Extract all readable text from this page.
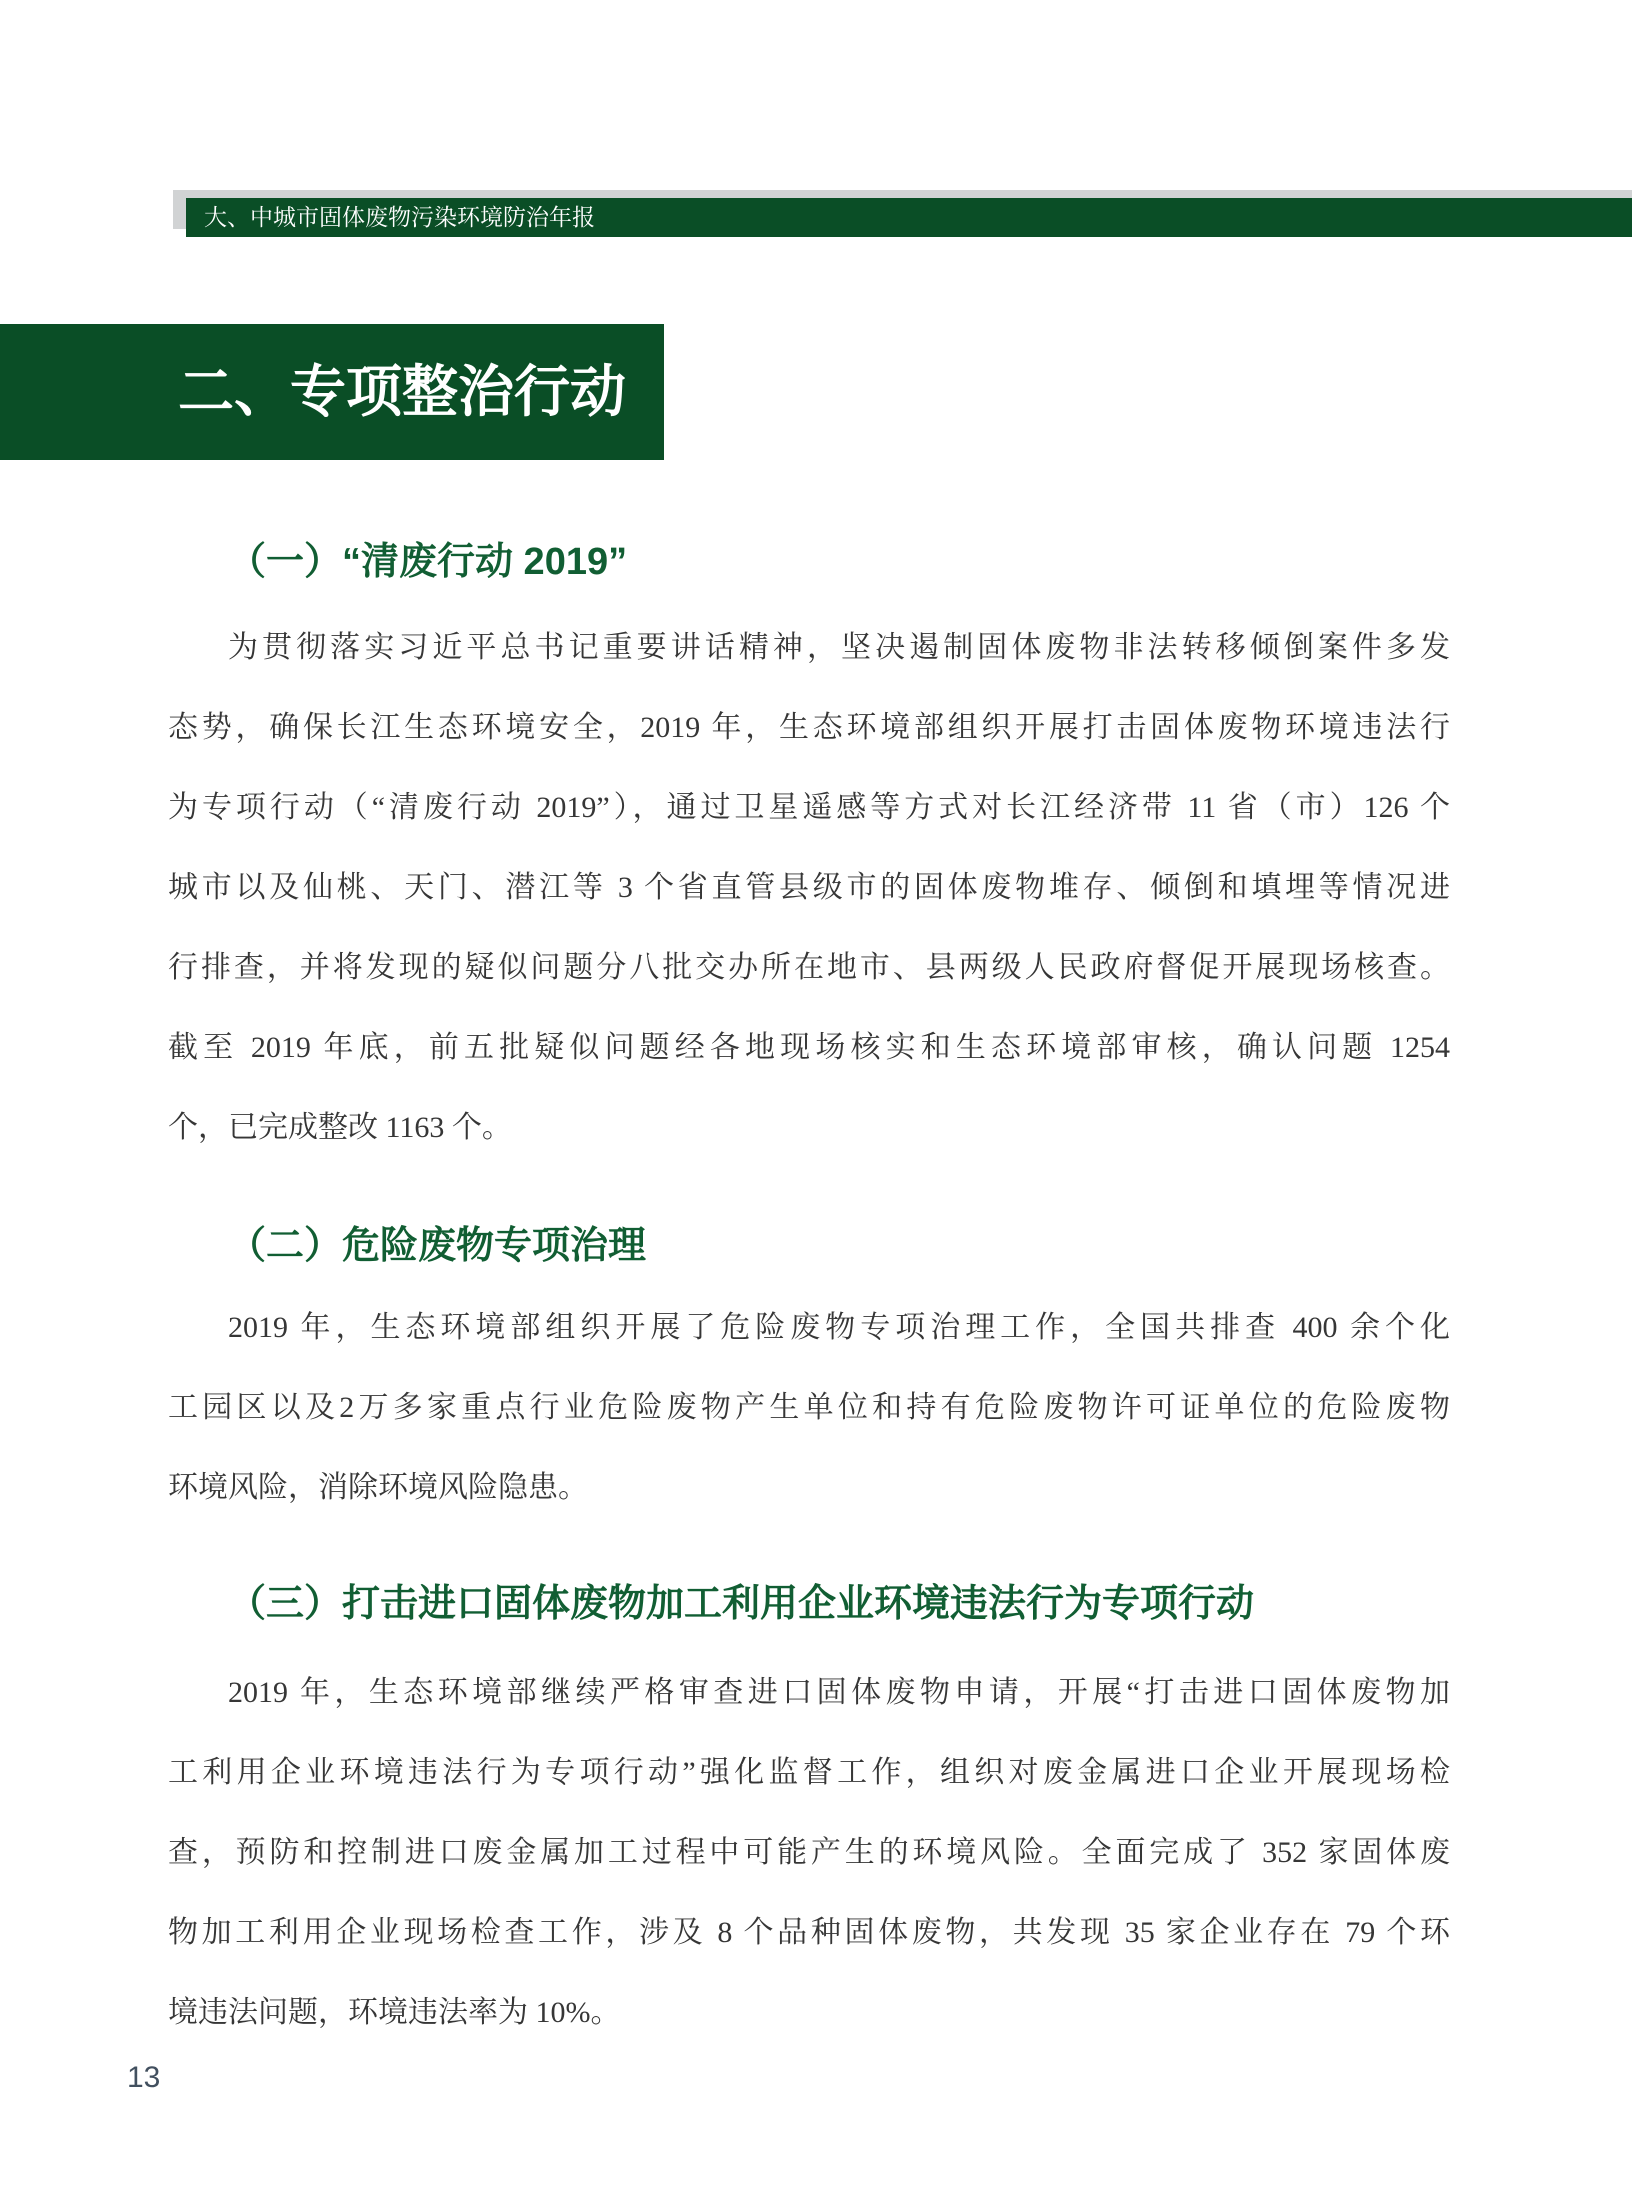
大、中城市固体废物污染环境防治年报
二、专项整治行动
（一）“清废行动 2019”
为贯彻落实习近平总书记重要讲话精神，坚决遏制固体废物非法转移倾倒案件多发
态势，确保长江生态环境安全，2019 年，生态环境部组织开展打击固体废物环境违法行
为专项行动（“清废行动 2019”），通过卫星遥感等方式对长江经济带 11 省（市）126 个
城市以及仙桃、天门、潜江等 3 个省直管县级市的固体废物堆存、倾倒和填埋等情况进
行排查，并将发现的疑似问题分八批交办所在地市、县两级人民政府督促开展现场核查。
截至 2019 年底，前五批疑似问题经各地现场核实和生态环境部审核，确认问题 1254
个，已完成整改 1163 个。
（二）危险废物专项治理
2019 年，生态环境部组织开展了危险废物专项治理工作，全国共排查 400 余个化
工园区以及2万多家重点行业危险废物产生单位和持有危险废物许可证单位的危险废物
环境风险，消除环境风险隐患。
（三）打击进口固体废物加工利用企业环境违法行为专项行动
2019 年，生态环境部继续严格审查进口固体废物申请，开展“打击进口固体废物加
工利用企业环境违法行为专项行动”强化监督工作，组织对废金属进口企业开展现场检
查，预防和控制进口废金属加工过程中可能产生的环境风险。全面完成了 352 家固体废
物加工利用企业现场检查工作，涉及 8 个品种固体废物，共发现 35 家企业存在 79 个环
境违法问题，环境违法率为 10%。
13
